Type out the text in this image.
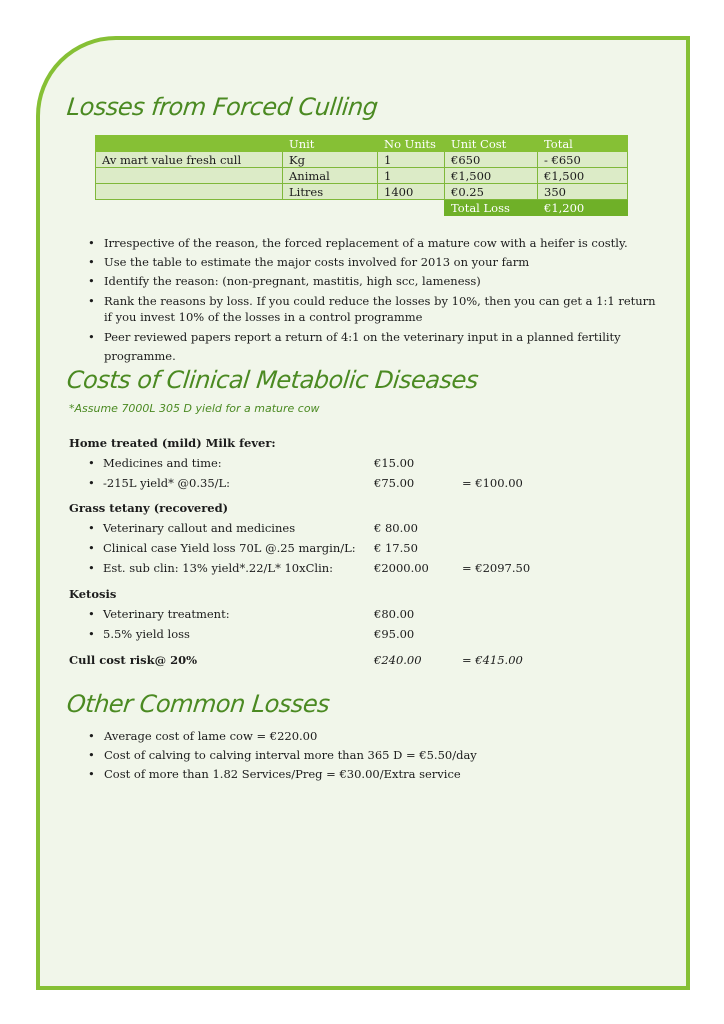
Losses from Forced Culling
	Unit	No Units	Unit Cost	Total
Av mart value fresh cull	Kg	1	€650	- €650
	Animal	1	€1,500	€1,500
	Litres	1400	€0.25	350
			Total Loss	€1,200
• Irrespective of the reason, the forced replacement of a mature cow with a heifer is costly.
• Use the table to estimate the major costs involved for 2013 on your farm
• Identify the reason: (non-pregnant, mastitis, high scc, lameness)
• Rank the reasons by loss. If you could reduce the losses by 10%, then you can get a 1:1 return if you invest 10% of the losses in a control programme
• Peer reviewed papers report a return of 4:1 on the veterinary input in a planned fertility programme.
Costs of Clinical Metabolic Diseases
*Assume 7000L 305 D yield for a mature cow
Home treated (mild) Milk fever:
• Medicines and time:	€15.00
• -215L yield* @0.35/L:	€75.00	= €100.00
Grass tetany (recovered)
• Veterinary callout and medicines	€ 80.00
• Clinical case Yield loss 70L @.25 margin/L: € 17.50
• Est. sub clin: 13% yield*.22/L* 10xClin:	€2000.00	= €2097.50
Ketosis
• Veterinary treatment:	€80.00
• 5.5% yield loss	€95.00
Cull cost risk@ 20%	€240.00	= €415.00
Other Common Losses
• Average cost of lame cow = €220.00
• Cost of calving to calving interval more than 365 D = €5.50/day
• Cost of more than 1.82 Services/Preg = €30.00/Extra service
